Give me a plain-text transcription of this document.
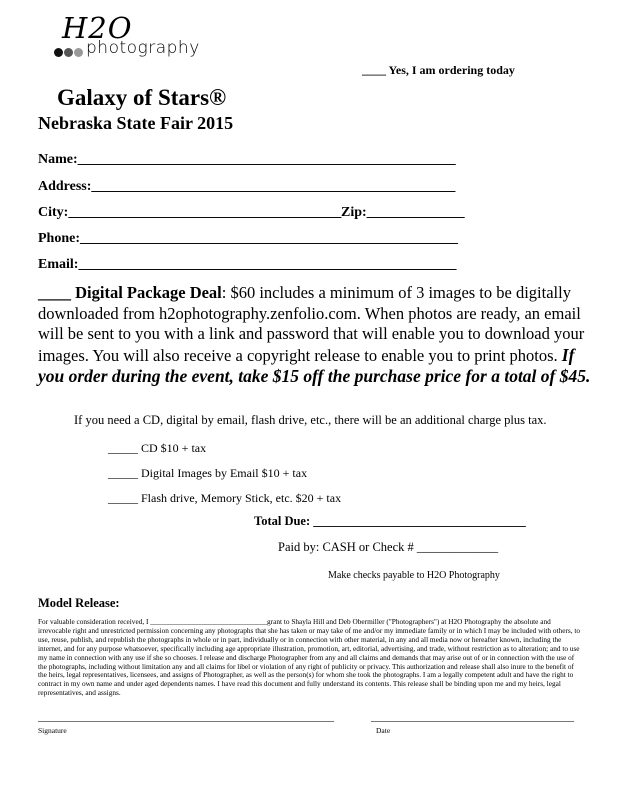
H2O
photography
____ Yes, I am ordering today
Galaxy of Stars®
Nebraska State Fair 2015
Name:______________________________________________________
Address:____________________________________________________
City:_______________________________________ Zip:______________
Phone:______________________________________________________
Email:______________________________________________________
____ Digital Package Deal: $60 includes a minimum of 3 images to be digitally downloaded from h2ophotography.zenfolio.com. When photos are ready, an email will be sent to you with a link and password that will enable you to download your images. You will also receive a copyright release to enable you to print photos. If you order during the event, take $15 off the purchase price for a total of $45.
If you need a CD, digital by email, flash drive, etc., there will be an additional charge plus tax.
_____ CD $10 + tax
_____ Digital Images by Email $10 + tax
_____ Flash drive, Memory Stick, etc. $20 + tax
Total Due: __________________________________
Paid by: CASH or Check # _____________
Make checks payable to H2O Photography
Model Release:
For valuable consideration received, I ________________________________grant to Shayla Hill and Deb Obermiller ("Photographers") at H2O Photography the absolute and irrevocable right and unrestricted permission concerning any photographs that she has taken or may take of me and/or my immediate family or in which I may be included with others, to use, reuse, publish, and republish the photographs in whole or in part, individually or in connection with other material, in any and all media now or hereafter known, including the internet, and for any purpose whatsoever, specifically including age appropriate illustration, promotion, art, editorial, advertising, and trade, without restriction as to alteration; and to use my name in connection with any use if she so chooses. I release and discharge Photographer from any and all claims and demands that may arise out of or in connection with the use of the photographs, including without limitation any and all claims for libel or violation of any right of publicity or privacy. This authorization and release shall also inure to the benefit of the heirs, legal representatives, licensees, and assigns of Photographer, as well as the person(s) for whom she took the photographs. I am a legally competent adult and have the right to contract in my own name and under aged dependents names. I have read this document and fully understand its contents. This release shall be binding upon me and my heirs, legal representatives, and assigns.
Signature	Date
